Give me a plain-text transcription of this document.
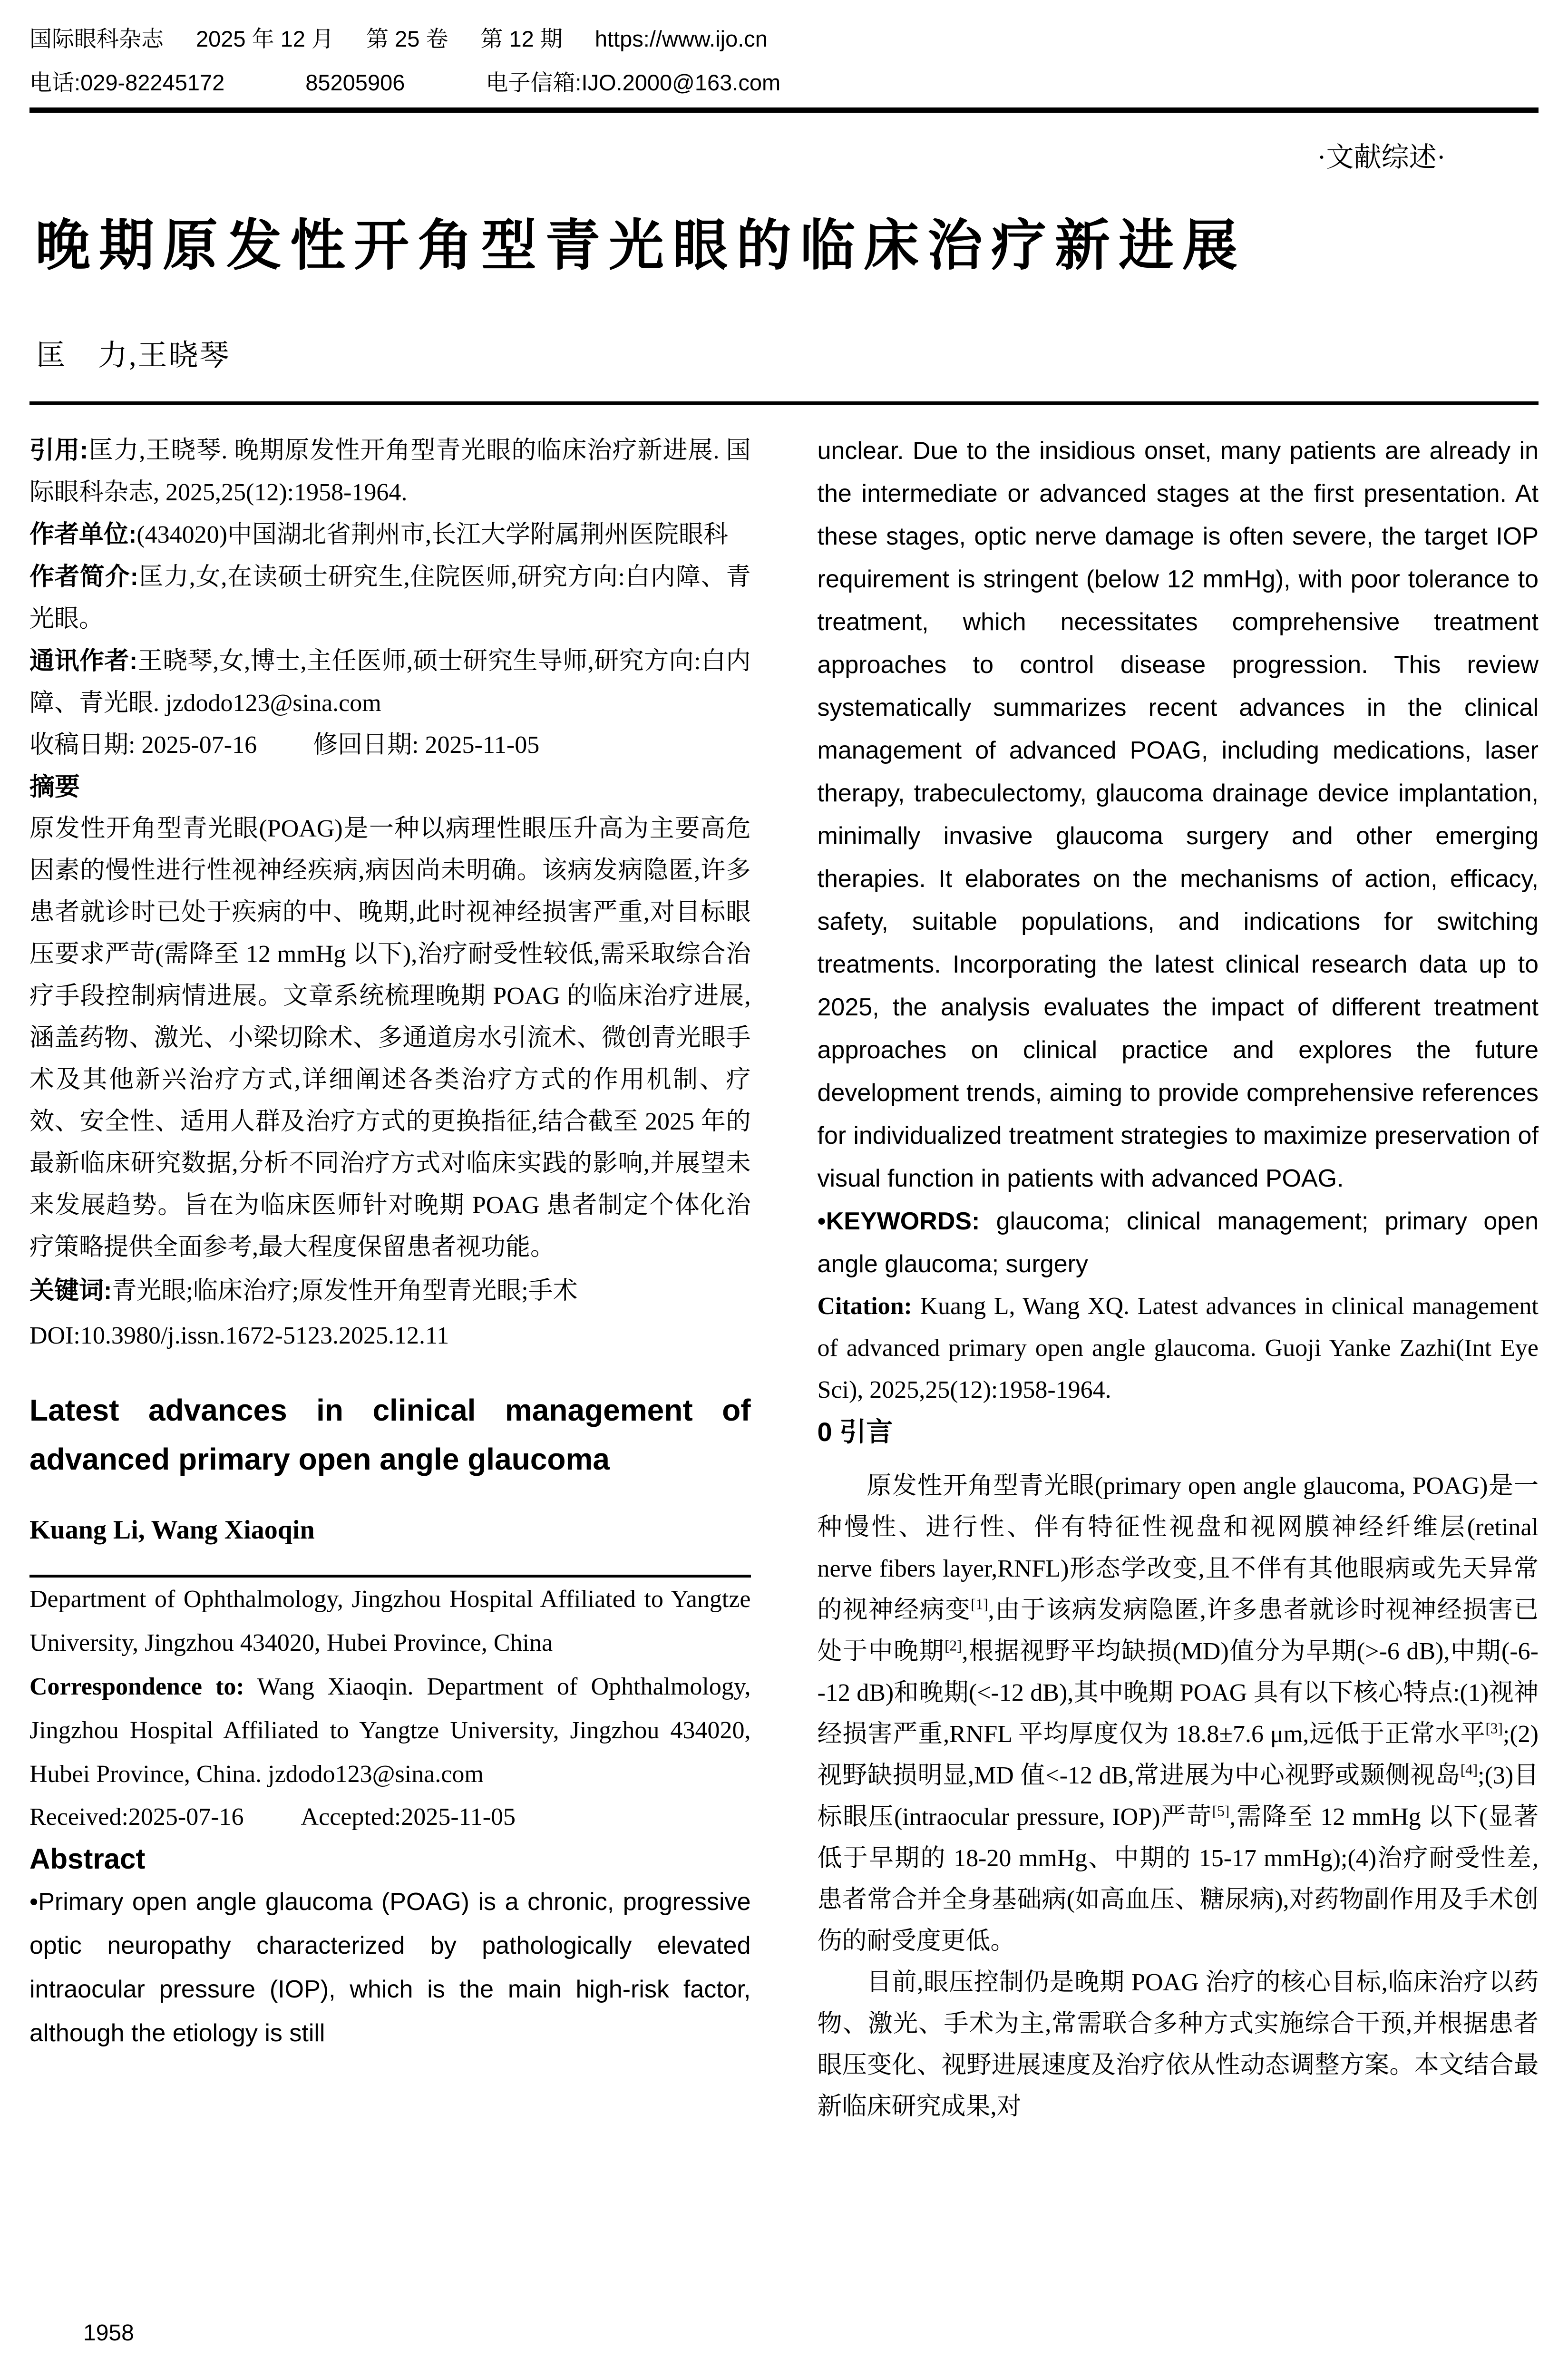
国际眼科杂志 2025 年 12 月 第 25 卷 第 12 期 https://www.ijo.cn
电话:029-82245172	85205906	电子信箱:IJO.2000@163.com
·文献综述·
晚期原发性开角型青光眼的临床治疗新进展
匡　力,王晓琴

引用:匡力,王晓琴. 晚期原发性开角型青光眼的临床治疗新进展. 国际眼科杂志, 2025,25(12):1958-1964.

作者单位:(434020)中国湖北省荆州市,长江大学附属荆州医院眼科

作者简介:匡力,女,在读硕士研究生,住院医师,研究方向:白内障、青光眼。

通讯作者:王晓琴,女,博士,主任医师,硕士研究生导师,研究方向:白内障、青光眼. jzdodo123@sina.com

收稿日期: 2025-07-16 修回日期: 2025-11-05

摘要

原发性开角型青光眼(POAG)是一种以病理性眼压升高为主要高危因素的慢性进行性视神经疾病,病因尚未明确。该病发病隐匿,许多患者就诊时已处于疾病的中、晚期,此时视神经损害严重,对目标眼压要求严苛(需降至 12 mmHg 以下),治疗耐受性较低,需采取综合治疗手段控制病情进展。文章系统梳理晚期 POAG 的临床治疗进展,涵盖药物、激光、小梁切除术、多通道房水引流术、微创青光眼手术及其他新兴治疗方式,详细阐述各类治疗方式的作用机制、疗效、安全性、适用人群及治疗方式的更换指征,结合截至 2025 年的最新临床研究数据,分析不同治疗方式对临床实践的影响,并展望未来发展趋势。旨在为临床医师针对晚期 POAG 患者制定个体化治疗策略提供全面参考,最大程度保留患者视功能。

关键词:青光眼;临床治疗;原发性开角型青光眼;手术

DOI:10.3980/j.issn.1672-5123.2025.12.11

Latest advances in clinical management of advanced primary open angle glaucoma

Kuang Li, Wang Xiaoqin

Department of Ophthalmology, Jingzhou Hospital Affiliated to Yangtze University, Jingzhou 434020, Hubei Province, China

Correspondence to: Wang Xiaoqin. Department of Ophthalmology, Jingzhou Hospital Affiliated to Yangtze University, Jingzhou 434020, Hubei Province, China. jzdodo123@sina.com

Received:2025-07-16 Accepted:2025-11-05

Abstract

•Primary open angle glaucoma (POAG) is a chronic, progressive optic neuropathy characterized by pathologically elevated intraocular pressure (IOP), which is the main high-risk factor, although the etiology is still

unclear. Due to the insidious onset, many patients are already in the intermediate or advanced stages at the first presentation. At these stages, optic nerve damage is often severe, the target IOP requirement is stringent (below 12 mmHg), with poor tolerance to treatment, which necessitates comprehensive treatment approaches to control disease progression. This review systematically summarizes recent advances in the clinical management of advanced POAG, including medications, laser therapy, trabeculectomy, glaucoma drainage device implantation, minimally invasive glaucoma surgery and other emerging therapies. It elaborates on the mechanisms of action, efficacy, safety, suitable populations, and indications for switching treatments. Incorporating the latest clinical research data up to 2025, the analysis evaluates the impact of different treatment approaches on clinical practice and explores the future development trends, aiming to provide comprehensive references for individualized treatment strategies to maximize preservation of visual function in patients with advanced POAG.

•KEYWORDS: glaucoma; clinical management; primary open angle glaucoma; surgery

Citation: Kuang L, Wang XQ. Latest advances in clinical management of advanced primary open angle glaucoma. Guoji Yanke Zazhi(Int Eye Sci), 2025,25(12):1958-1964.

0 引言

原发性开角型青光眼(primary open angle glaucoma, POAG)是一种慢性、进行性、伴有特征性视盘和视网膜神经纤维层(retinal nerve fibers layer,RNFL)形态学改变,且不伴有其他眼病或先天异常的视神经病变[1],由于该病发病隐匿,许多患者就诊时视神经损害已处于中晚期[2],根据视野平均缺损(MD)值分为早期(>-6 dB),中期(-6--12 dB)和晚期(<-12 dB),其中晚期 POAG 具有以下核心特点:(1)视神经损害严重,RNFL 平均厚度仅为 18.8±7.6 μm,远低于正常水平[3];(2)视野缺损明显,MD 值<-12 dB,常进展为中心视野或颞侧视岛[4];(3)目标眼压(intraocular pressure, IOP)严苛[5],需降至 12 mmHg 以下(显著低于早期的 18-20 mmHg、中期的 15-17 mmHg);(4)治疗耐受性差,患者常合并全身基础病(如高血压、糖尿病),对药物副作用及手术创伤的耐受度更低。

目前,眼压控制仍是晚期 POAG 治疗的核心目标,临床治疗以药物、激光、手术为主,常需联合多种方式实施综合干预,并根据患者眼压变化、视野进展速度及治疗依从性动态调整方案。本文结合最新临床研究成果,对

1958
